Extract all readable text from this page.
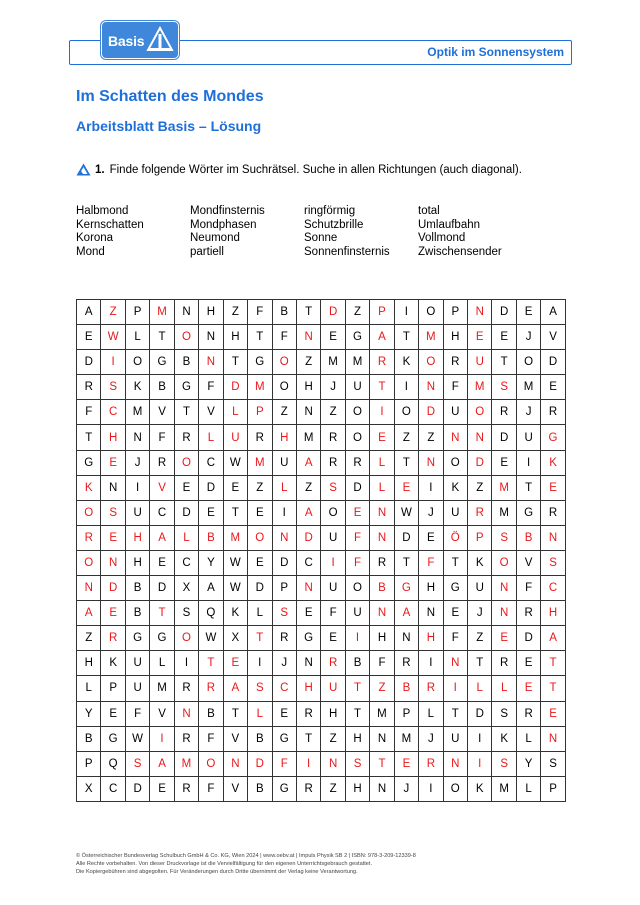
Basis
Optik im Sonnensystem
Im Schatten des Mondes
Arbeitsblatt Basis – Lösung
1. Finde folgende Wörter im Suchrätsel. Suche in allen Richtungen (auch diagonal).
Halbmond	Mondfinsternis	ringförmig	total
Kernschatten	Mondphasen	Schutzbrille	Umlaufbahn
Korona	Neumond	Sonne	Vollmond
Mond	partiell	Sonnenfinsternis	Zwischensender
A	Z	P	M	N	H	Z	F	B	T	D	Z	P	I	O	P	N	D	E	A
E	W	L	T	O	N	H	T	F	N	E	G	A	T	M	H	E	E	J	V
D	I	O	G	B	N	T	G	O	Z	M	M	R	K	O	R	U	T	O	D
R	S	K	B	G	F	D	M	O	H	J	U	T	I	N	F	M	S	M	E
F	C	M	V	T	V	L	P	Z	N	Z	O	I	O	D	U	O	R	J	R
T	H	N	F	R	L	U	R	H	M	R	O	E	Z	Z	N	N	D	U	G
G	E	J	R	O	C	W	M	U	A	R	R	L	T	N	O	D	E	I	K
K	N	I	V	E	D	E	Z	L	Z	S	D	L	E	I	K	Z	M	T	E
O	S	U	C	D	E	T	E	I	A	O	E	N	W	J	U	R	M	G	R
R	E	H	A	L	B	M	O	N	D	U	F	N	D	E	Ö	P	S	B	N
O	N	H	E	C	Y	W	E	D	C	I	F	R	T	F	T	K	O	V	S
N	D	B	D	X	A	W	D	P	N	U	O	B	G	H	G	U	N	F	C
A	E	B	T	S	Q	K	L	S	E	F	U	N	A	N	E	J	N	R	H
Z	R	G	G	O	W	X	T	R	G	E	I	H	N	H	F	Z	E	D	A
H	K	U	L	I	T	E	I	J	N	R	B	F	R	I	N	T	R	E	T
L	P	U	M	R	R	A	S	C	H	U	T	Z	B	R	I	L	L	E	T
Y	E	F	V	N	B	T	L	E	R	H	T	M	P	L	T	D	S	R	E
B	G	W	I	R	F	V	B	G	T	Z	H	N	M	J	U	I	K	L	N
P	Q	S	A	M	O	N	D	F	I	N	S	T	E	R	N	I	S	Y	S
X	C	D	E	R	F	V	B	G	R	Z	H	N	J	I	O	K	M	L	P
© Österreichischer Bundesverlag Schulbuch GmbH & Co. KG, Wien 2024 | www.oebv.at | Impuls Physik SB 2 | ISBN: 978-3-209-12339-8
Alle Rechte vorbehalten. Von dieser Druckvorlage ist die Vervielfältigung für den eigenen Unterrichtsgebrauch gestattet.
Die Kopiergebühren sind abgegolten. Für Veränderungen durch Dritte übernimmt der Verlag keine Verantwortung.
